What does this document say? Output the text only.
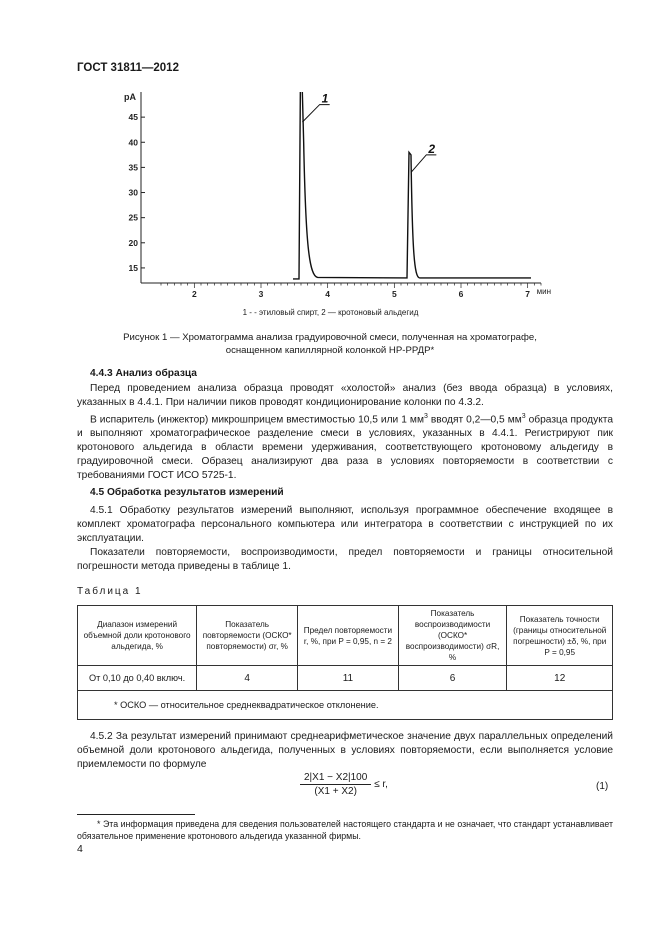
ГОСТ 31811—2012
45
40
35
30
25
20
15
2	3	4	5	6	7
pA
мин
1
2
1 - - этиловый спирт, 2 — кротоновый альдегид
Рисунок 1 — Хроматограмма анализа градуировочной смеси, полученная на хроматографе,
оснащенном капиллярной колонкой HP-РРДР*
4.4.3 Анализ образца
Перед проведением анализа образца проводят «холостой» анализ (без ввода образца) в условиях, указанных в 4.4.1. При наличии пиков проводят кондиционирование колонки по 4.3.2.
В испаритель (инжектор) микрошприцем вместимостью 10,5 или 1 $мм^3$ вводят 0,2—0,5 $мм^3$ образца продукта и выполняют хроматографическое разделение смеси в условиях, указанных в 4.4.1. Регистрируют пик кротонового альдегида в области времени удерживания, соответствующего кротоновому альдегиду в градуировочной смеси. Образец анализируют два раза в условиях повторяемости в соответствии с требованиями ГОСТ ИСО 5725-1.
4.5 Обработка результатов измерений
4.5.1 Обработку результатов измерений выполняют, используя программное обеспечение входящее в комплект хроматографа персонального компьютера или интегратора в соответствии с инструкцией по их эксплуатации.
Показатели повторяемости, воспроизводимости, предел повторяемости и границы относительной погрешности метода приведены в таблице 1.
Таблица 1
Диапазон измерений объемной доли кротонового альдегида, %	Показатель повторяемости (ОСКО* повторяемости) σr, %	Предел повторяемости r, %, при P = 0,95, n = 2	Показатель воспроизводимости (ОСКО* воспроизводимости) σR, %	Показатель точности (границы относительной погрешности) ±δ, %, при P = 0,95
От 0,10 до 0,40 включ.	4	11	6	12
* ОСКО — относительное среднеквадратическое отклонение.				
4.5.2 За результат измерений принимают среднеарифметическое значение двух параллельных определений объемной доли кротонового альдегида, полученных в условиях повторяемости, если выполняется условие приемлемости по формуле
$\frac{2|X1 - X2|100}{(X1 + X2)} \le r$,	(1)
* Эта информация приведена для сведения пользователей настоящего стандарта и не означает, что стандарт устанавливает обязательное применение кротонового альдегида указанной фирмы.
4
